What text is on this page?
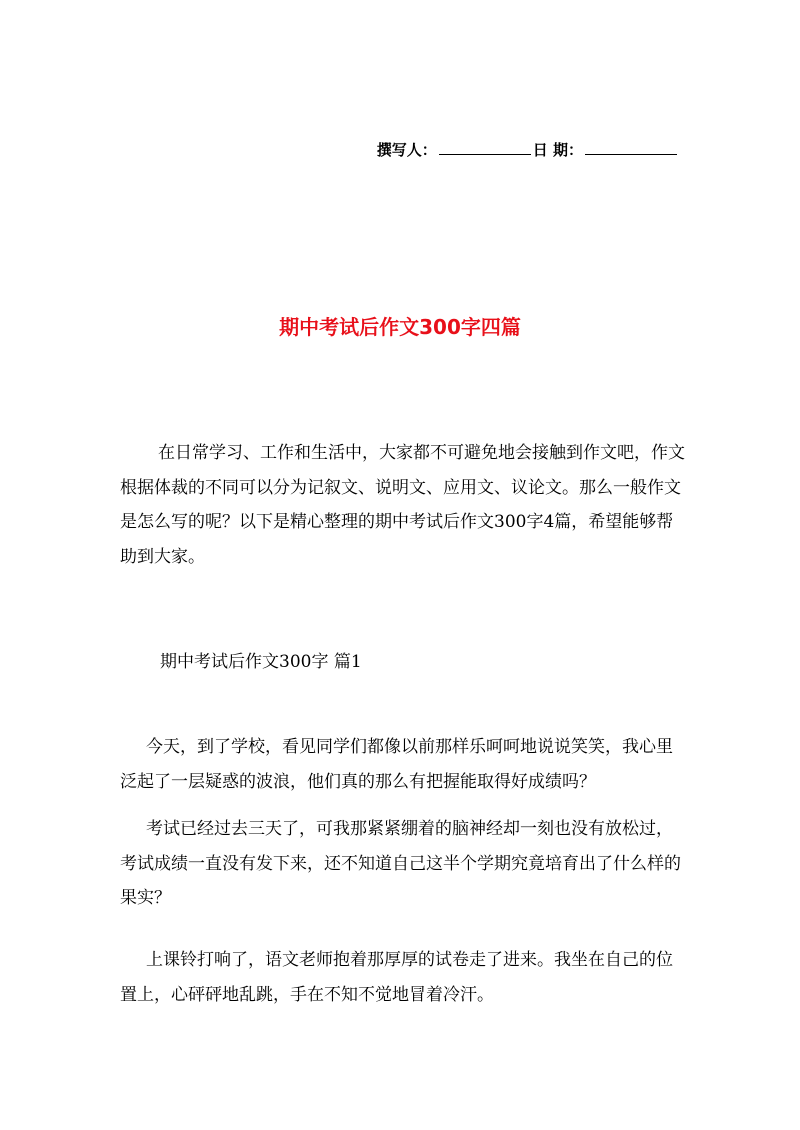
撰写人：	日 期：
期中考试后作文300字四篇

在日常学习、工作和生活中，大家都不可避免地会接触到作文吧，作文根据体裁的不同可以分为记叙文、说明文、应用文、议论文。那么一般作文是怎么写的呢？以下是精心整理的期中考试后作文300字4篇，希望能够帮助到大家。

期中考试后作文300字 篇1

今天，到了学校，看见同学们都像以前那样乐呵呵地说说笑笑，我心里泛起了一层疑惑的波浪，他们真的那么有把握能取得好成绩吗？

考试已经过去三天了，可我那紧紧绷着的脑神经却一刻也没有放松过，考试成绩一直没有发下来，还不知道自己这半个学期究竟培育出了什么样的果实？

上课铃打响了，语文老师抱着那厚厚的试卷走了进来。我坐在自己的位置上，心砰砰地乱跳，手在不知不觉地冒着冷汗。
